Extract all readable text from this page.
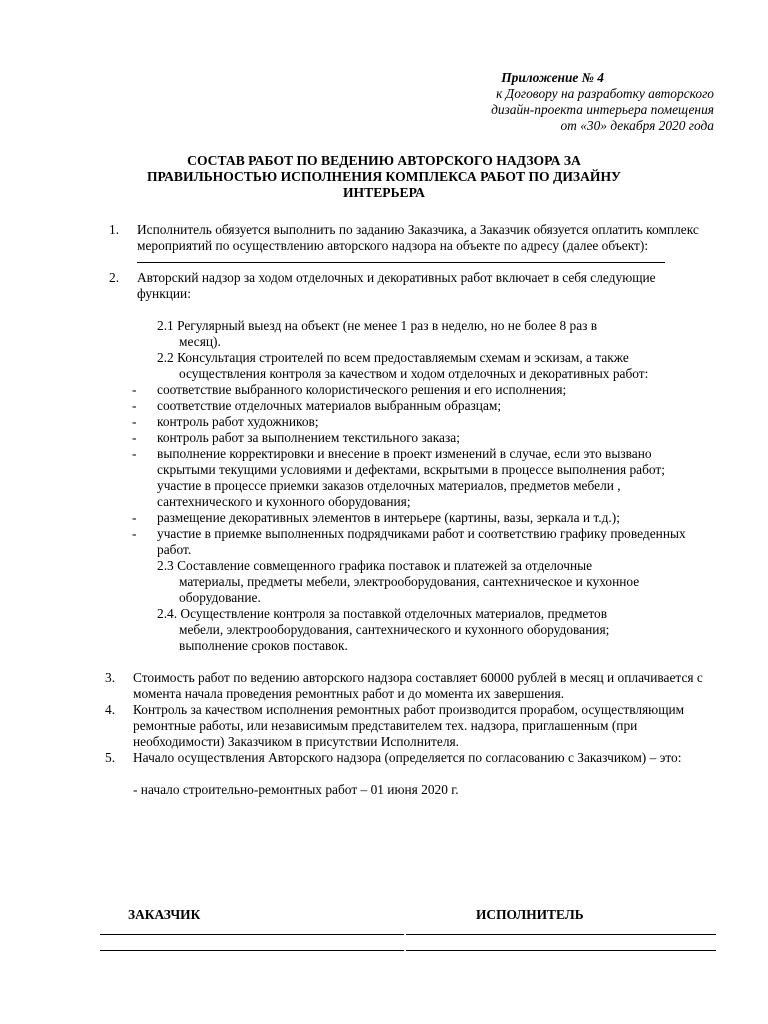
Приложение № 4
к Договору на разработку авторского
дизайн-проекта интерьера помещения
от «30» декабря 2020 года
СОСТАВ РАБОТ ПО ВЕДЕНИЮ АВТОРСКОГО НАДЗОРА ЗА
ПРАВИЛЬНОСТЬЮ ИСПОЛНЕНИЯ КОМПЛЕКСА РАБОТ ПО ДИЗАЙНУ
ИНТЕРЬЕРА
1. Исполнитель обязуется выполнить по заданию Заказчика, а Заказчик обязуется оплатить комплекс мероприятий по осуществлению авторского надзора на объекте по адресу (далее объект):
2. Авторский надзор за ходом отделочных и декоративных работ включает в себя следующие функции:
2.1 Регулярный выезд на объект (не менее 1 раз в неделю, но не более 8 раз в
месяц).
2.2 Консультация строителей по всем предоставляемым схемам и эскизам, а также
осуществления контроля за качеством и ходом отделочных и декоративных работ:
- соответствие выбранного колористического решения и его исполнения;
- соответствие отделочных материалов выбранным образцам;
- контроль работ художников;
- контроль работ за выполнением текстильного заказа;
- выполнение корректировки и внесение в проект изменений в случае, если это вызвано скрытыми текущими условиями и дефектами, вскрытыми в процессе выполнения работ; участие в процессе приемки заказов отделочных материалов, предметов мебели , сантехнического и кухонного оборудования;
- размещение декоративных элементов в интерьере (картины, вазы, зеркала и т.д.);
- участие в приемке выполненных подрядчиками работ и соответствию графику проведенных работ.
2.3 Составление совмещенного графика поставок и платежей за отделочные
материалы, предметы мебели, электрооборудования, сантехническое и кухонное оборудование.
2.4. Осуществление контроля за поставкой отделочных материалов, предметов
мебели, электрооборудования, сантехнического и кухонного оборудования; выполнение сроков поставок.
3. Стоимость работ по ведению авторского надзора составляет 60000 рублей в месяц и оплачивается с момента начала проведения ремонтных работ и до момента их завершения.
4. Контроль за качеством исполнения ремонтных работ производится прорабом, осуществляющим ремонтные работы, или независимым представителем тех. надзора, приглашенным (при необходимости) Заказчиком в присутствии Исполнителя.
5. Начало осуществления Авторского надзора (определяется по согласованию с Заказчиком) – это:
- начало строительно-ремонтных работ – 01 июня 2020 г.
ЗАКАЗЧИК	ИСПОЛНИТЕЛЬ
